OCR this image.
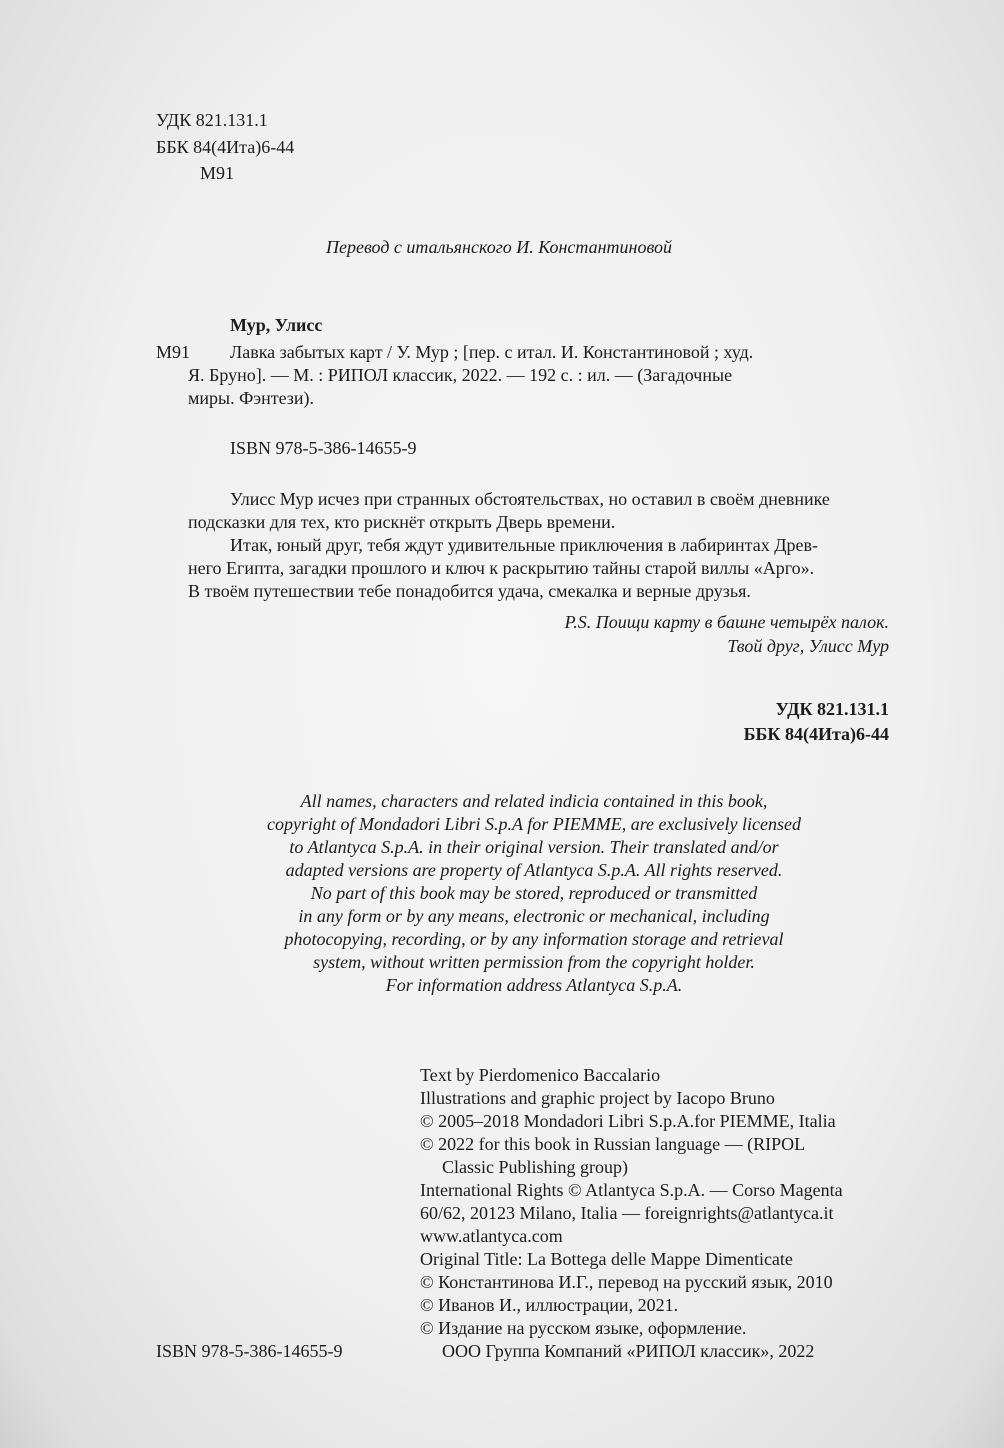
УДК 821.131.1
ББК 84(4Ита)6-44
М91
Перевод с итальянского И. Константиновой
Мур, Улисс
М91 Лавка забытых карт / У. Мур ; [пер. с итал. И. Константиновой ; худ.
Я. Бруно]. — М. : РИПОЛ классик, 2022. — 192 с. : ил. — (Загадочные
миры. Фэнтези).
ISBN 978-5-386-14655-9
Улисс Мур исчез при странных обстоятельствах, но оставил в своём дневнике
подсказки для тех, кто рискнёт открыть Дверь времени.
Итак, юный друг, тебя ждут удивительные приключения в лабиринтах Древ-
него Египта, загадки прошлого и ключ к раскрытию тайны старой виллы «Арго».
В твоём путешествии тебе понадобится удача, смекалка и верные друзья.
P.S. Поищи карту в башне четырёх палок.
Твой друг, Улисс Мур
УДК 821.131.1
ББК 84(4Ита)6-44
All names, characters and related indicia contained in this book,
copyright of Mondadori Libri S.p.A for PIEMME, are exclusively licensed
to Atlantyca S.p.A. in their original version. Their translated and/or
adapted versions are property of Atlantyca S.p.A. All rights reserved.
No part of this book may be stored, reproduced or transmitted
in any form or by any means, electronic or mechanical, including
photocopying, recording, or by any information storage and retrieval
system, without written permission from the copyright holder.
For information address Atlantyca S.p.A.
Text by Pierdomenico Baccalario
Illustrations and graphic project by Iacopo Bruno
© 2005–2018 Mondadori Libri S.p.A.for PIEMME, Italia
© 2022 for this book in Russian language — (RIPOL
Classic Publishing group)
International Rights © Atlantyca S.p.A. — Corso Magenta
60/62, 20123 Milano, Italia — foreignrights@atlantyca.it
www.atlantyca.com
Original Title: La Bottega delle Mappe Dimenticate
© Константинова И.Г., перевод на русский язык, 2010
© Иванов И., иллюстрации, 2021.
© Издание на русском языке, оформление.
ООО Группа Компаний «РИПОЛ классик», 2022
ISBN 978-5-386-14655-9
